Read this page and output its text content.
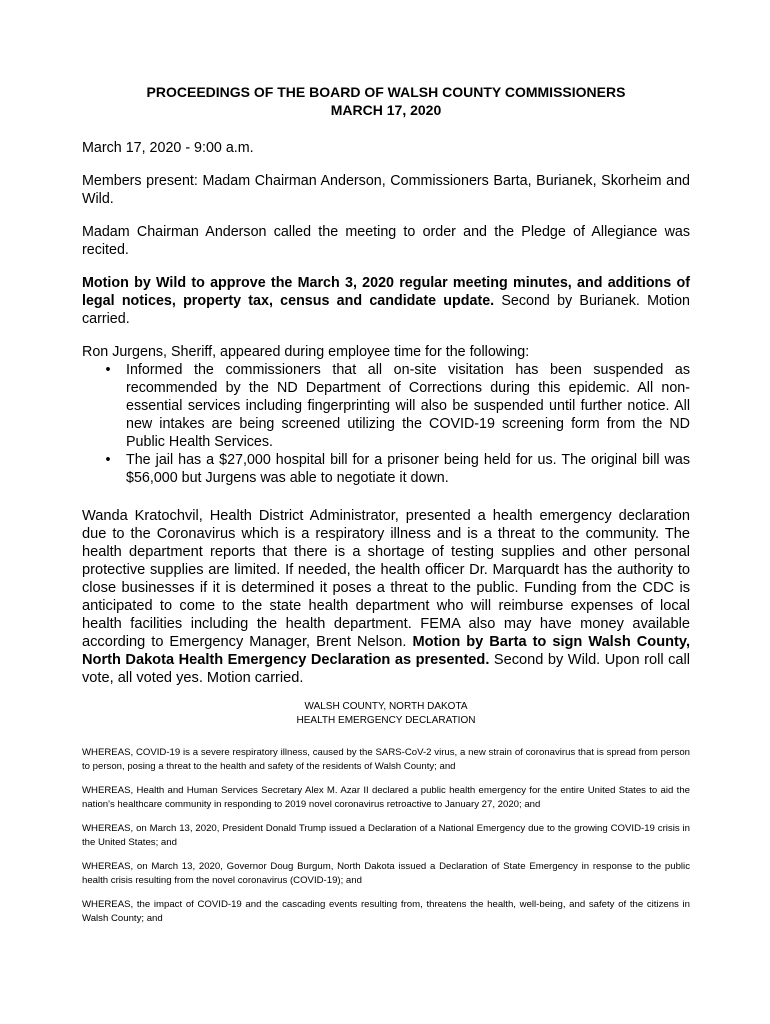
PROCEEDINGS OF THE BOARD OF WALSH COUNTY COMMISSIONERS

MARCH 17, 2020

March 17, 2020 - 9:00 a.m.

Members present: Madam Chairman Anderson, Commissioners Barta, Burianek, Skorheim and Wild.

Madam Chairman Anderson called the meeting to order and the Pledge of Allegiance was recited.

Motion by Wild to approve the March 3, 2020 regular meeting minutes, and additions of legal notices, property tax, census and candidate update. Second by Burianek. Motion carried.

Ron Jurgens, Sheriff, appeared during employee time for the following:

• Informed the commissioners that all on-site visitation has been suspended as recommended by the ND Department of Corrections during this epidemic. All non-essential services including fingerprinting will also be suspended until further notice. All new intakes are being screened utilizing the COVID-19 screening form from the ND Public Health Services.
• The jail has a $27,000 hospital bill for a prisoner being held for us. The original bill was $56,000 but Jurgens was able to negotiate it down.

Wanda Kratochvil, Health District Administrator, presented a health emergency declaration due to the Coronavirus which is a respiratory illness and is a threat to the community. The health department reports that there is a shortage of testing supplies and other personal protective supplies are limited. If needed, the health officer Dr. Marquardt has the authority to close businesses if it is determined it poses a threat to the public. Funding from the CDC is anticipated to come to the state health department who will reimburse expenses of local health facilities including the health department. FEMA also may have money available according to Emergency Manager, Brent Nelson. Motion by Barta to sign Walsh County, North Dakota Health Emergency Declaration as presented. Second by Wild. Upon roll call vote, all voted yes. Motion carried.

WALSH COUNTY, NORTH DAKOTA

HEALTH EMERGENCY DECLARATION

WHEREAS, COVID-19 is a severe respiratory illness, caused by the SARS-CoV-2 virus, a new strain of coronavirus that is spread from person to person, posing a threat to the health and safety of the residents of Walsh County; and

WHEREAS, Health and Human Services Secretary Alex M. Azar II declared a public health emergency for the entire United States to aid the nation's healthcare community in responding to 2019 novel coronavirus retroactive to January 27, 2020; and

WHEREAS, on March 13, 2020, President Donald Trump issued a Declaration of a National Emergency due to the growing COVID-19 crisis in the United States; and

WHEREAS, on March 13, 2020, Governor Doug Burgum, North Dakota issued a Declaration of State Emergency in response to the public health crisis resulting from the novel coronavirus (COVID-19); and

WHEREAS, the impact of COVID-19 and the cascading events resulting from, threatens the health, well-being, and safety of the citizens in Walsh County; and
